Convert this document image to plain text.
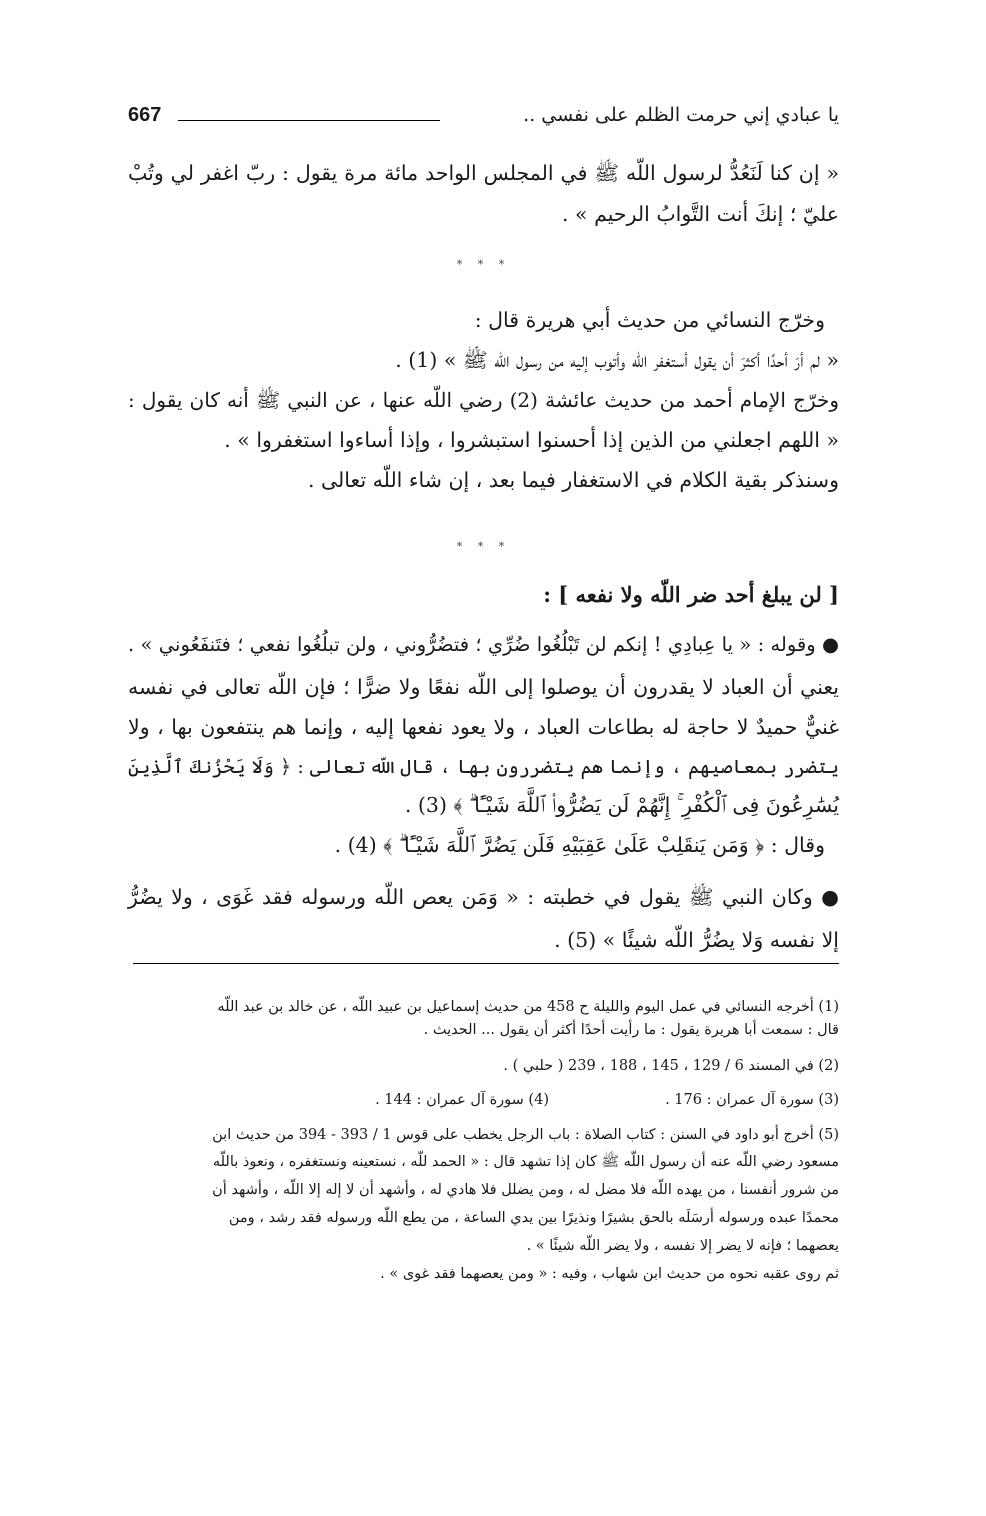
667	يا عبادي إني حرمت الظلم على نفسي ..
« إن كنا لَنَعُدُّ لرسول اللّه ﷺ في المجلس الواحد مائة مرة يقول : ربّ اغفر لي وتُبْ
عليّ ؛ إنكَ أنت التَّوابُ الرحيم » .
* * *
وخرّج النسائي من حديث أبي هريرة قال :
« لم أرَ أحدًا أكثرَ أن يقول أستغفر اللّه وأتوب إليه من رسول اللّه ﷺ » (1) .
وخرّج الإمام أحمد من حديث عائشة (2) رضي اللّه عنها ، عن النبي ﷺ أنه كان يقول :
« اللهم اجعلني من الذين إذا أحسنوا استبشروا ، وإذا أساءوا استغفروا » .
وسنذكر بقية الكلام في الاستغفار فيما بعد ، إن شاء اللّه تعالى .
* * *
[ لن يبلغ أحد ضر اللّه ولا نفعه ] :
● وقوله : « يا عِبادِي ! إنكم لن تَبْلُغُوا ضُرِّي ؛ فتضُرُّوني ، ولن تبلُغُوا نفعي ؛ فتَنفَعُوني » .
يعني أن العباد لا يقدرون أن يوصلوا إلى اللّه نفعًا ولا ضرًّا ؛ فإن اللّه تعالى في نفسه
غنيٌّ حميدٌ لا حاجة له بطاعات العباد ، ولا يعود نفعها إليه ، وإنما هم ينتفعون بها ، ولا
يتضرر بمعاصيهم ، وإنما هم يتضررون بها ، قال اللّه تعالى : ﴿ وَلَا يَحْزُنكَ ٱلَّذِينَ
يُسَٰرِعُونَ فِى ٱلْكُفْرِ ۚ إِنَّهُمْ لَن يَضُرُّوا۟ ٱللَّهَ شَيْـًٔا ۗ ﴾ (3) .
وقال : ﴿ وَمَن يَنقَلِبْ عَلَىٰ عَقِبَيْهِ فَلَن يَضُرَّ ٱللَّهَ شَيْـًٔا ۗ ﴾ (4) .
● وكان النبي ﷺ يقول في خطبته : « وَمَن يعص اللّه ورسوله فقد غَوَى ، ولا يضُرُّ
إلا نفسه وَلا يضُرُّ اللّه شيئًا » (5) .
(1) أخرجه النسائي في عمل اليوم والليلة ح 458 من حديث إسماعيل بن عبيد اللّه ، عن خالد بن عبد اللّه
قال : سمعت أبا هريرة يقول : ما رأيت أحدًا أكثر أن يقول ... الحديث .
(2) في المسند 6 / 129 ، 145 ، 188 ، 239 ( حلبي ) .
(3) سورة آل عمران : 176 .
(4) سورة آل عمران : 144 .
(5) أخرج أبو داود في السنن : كتاب الصلاة : باب الرجل يخطب على قوس 1 / 393 - 394 من حديث ابن
مسعود رضي اللّه عنه أن رسول اللّه ﷺ كان إذا تشهد قال : « الحمد للّه ، نستعينه ونستغفره ، ونعوذ باللّه
من شرور أنفسنا ، من يهده اللّه فلا مضل له ، ومن يضلل فلا هادي له ، وأشهد أن لا إله إلا اللّه ، وأشهد أن
محمدًا عبده ورسوله أرسَلَه بالحق بشيرًا ونذيرًا بين يدي الساعة ، من يطع اللّه ورسوله فقد رشد ، ومن
يعصهما ؛ فإنه لا يضر إلا نفسه ، ولا يضر اللّه شيئًا » .
ثم روى عقبه نحوه من حديث ابن شهاب ، وفيه : « ومن يعصهما فقد غوى » .
